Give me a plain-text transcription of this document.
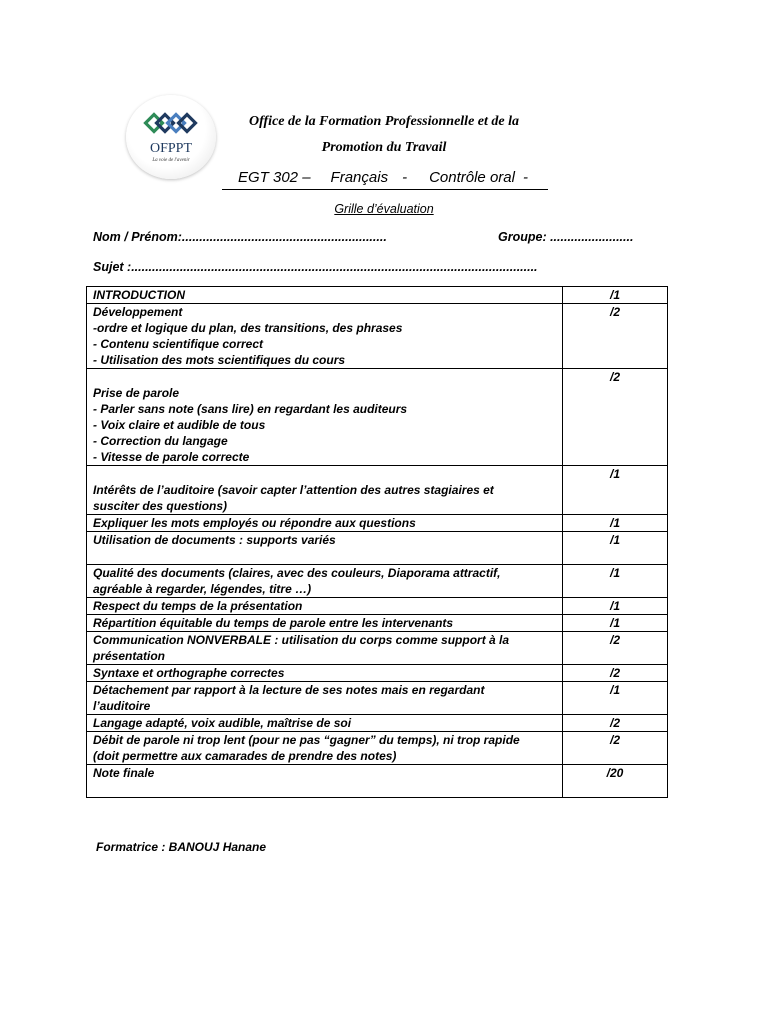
OFPPT
La voie de l'avenir
Office de la Formation Professionnelle et de la
Promotion du Travail
EGT 302 – Français - Contrôle oral -
Grille d’évaluation
Nom / Prénom:...........................................................	Groupe: ........................
Sujet :.....................................................................................................................
INTRODUCTION	/1

Développement
-ordre et logique du plan, des transitions, des phrases
- Contenu scientifique correct
- Utilisation des mots scientifiques du cours	/2

Prise de parole
- Parler sans note (sans lire) en regardant les auditeurs
- Voix claire et audible de tous
- Correction du langage
- Vitesse de parole correcte	/2

Intérêts de l’auditoire (savoir capter l’attention des autres stagiaires et
susciter des questions)	/1

Expliquer les mots employés ou répondre aux questions	/1

Utilisation de documents : supports variés	/1

Qualité des documents (claires, avec des couleurs, Diaporama attractif,
agréable à regarder, légendes, titre …)	/1

Respect du temps de la présentation	/1

Répartition équitable du temps de parole entre les intervenants	/1

Communication NONVERBALE : utilisation du corps comme support à la
présentation	/2

Syntaxe et orthographe correctes	/2

Détachement par rapport à la lecture de ses notes mais en regardant
l’auditoire	/1

Langage adapté, voix audible, maîtrise de soi	/2

Débit de parole ni trop lent (pour ne pas “gagner” du temps), ni trop rapide
(doit permettre aux camarades de prendre des notes)	/2

Note finale	/20
Formatrice : BANOUJ Hanane
